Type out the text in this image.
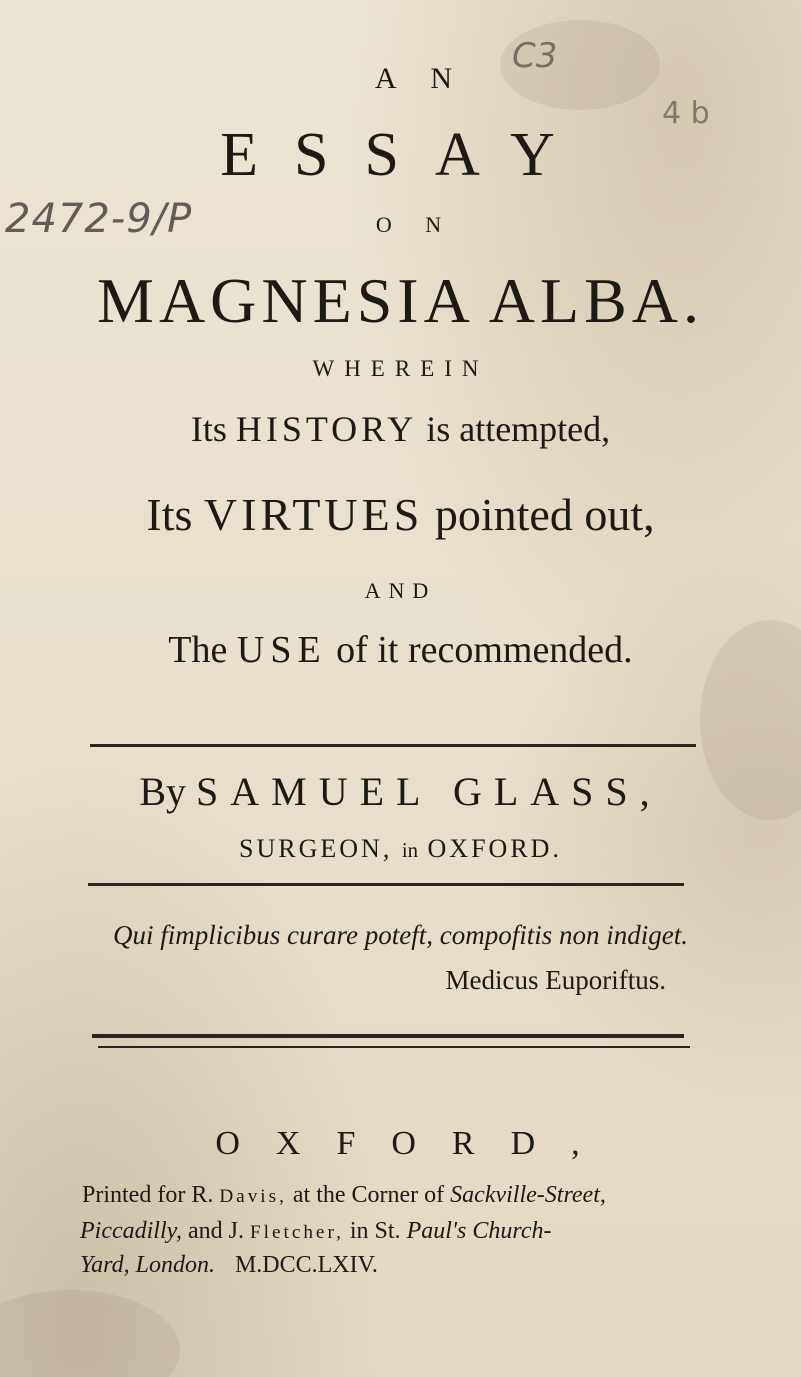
C3
4 b
2472-9/P
A N
ESSAY
O N
MAGNESIA ALBA.
WHEREIN
Its HISTORY is attempted,
Its VIRTUES pointed out,
AND
The USE of it recommended.
By SAMUEL GLASS,
SURGEON, in OXFORD.
Qui fimplicibus curare poteft, compofitis non indiget.
Medicus Euporiftus.
OXFORD,
Printed for R. Davis, at the Corner of Sackville-Street,
Piccadilly, and J. Fletcher, in St. Paul's Church-
Yard, London. M.DCC.LXIV.
